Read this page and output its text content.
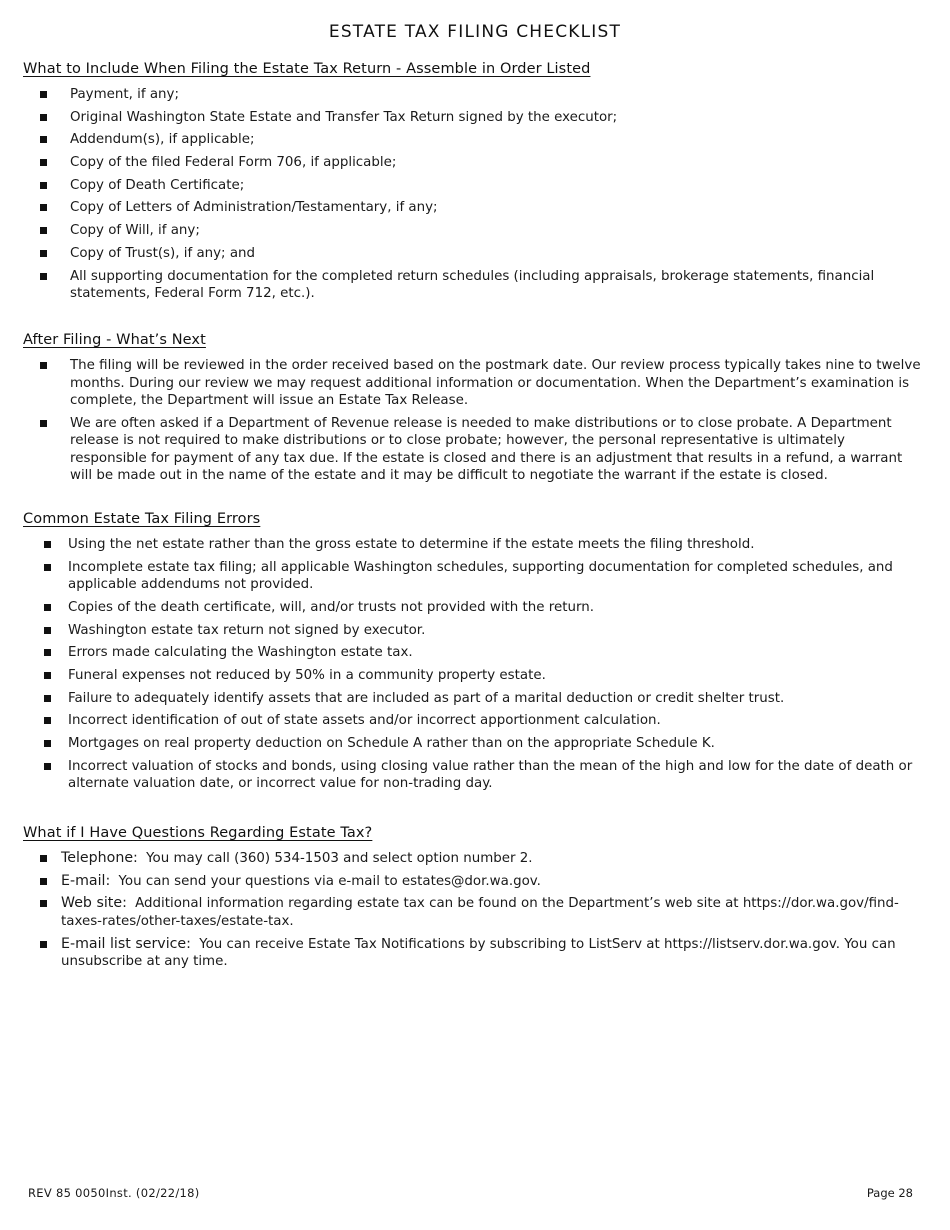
ESTATE TAX FILING CHECKLIST
What to Include When Filing the Estate Tax Return - Assemble in Order Listed
Payment, if any;
Original Washington State Estate and Transfer Tax Return signed by the executor;
Addendum(s), if applicable;
Copy of the filed Federal Form 706, if applicable;
Copy of Death Certificate;
Copy of Letters of Administration/Testamentary, if any;
Copy of Will, if any;
Copy of Trust(s), if any; and
All supporting documentation for the completed return schedules (including appraisals, brokerage statements, financial statements, Federal Form 712, etc.).
After Filing - What’s Next
The filing will be reviewed in the order received based on the postmark date. Our review process typically takes nine to twelve months. During our review we may request additional information or documentation. When the Department’s examination is complete, the Department will issue an Estate Tax Release.
We are often asked if a Department of Revenue release is needed to make distributions or to close probate. A Department release is not required to make distributions or to close probate; however, the personal representative is ultimately responsible for payment of any tax due. If the estate is closed and there is an adjustment that results in a refund, a warrant will be made out in the name of the estate and it may be difficult to negotiate the warrant if the estate is closed.
Common Estate Tax Filing Errors
Using the net estate rather than the gross estate to determine if the estate meets the filing threshold.
Incomplete estate tax filing; all applicable Washington schedules, supporting documentation for completed schedules, and applicable addendums not provided.
Copies of the death certificate, will, and/or trusts not provided with the return.
Washington estate tax return not signed by executor.
Errors made calculating the Washington estate tax.
Funeral expenses not reduced by 50% in a community property estate.
Failure to adequately identify assets that are included as part of a marital deduction or credit shelter trust.
Incorrect identification of out of state assets and/or incorrect apportionment calculation.
Mortgages on real property deduction on Schedule A rather than on the appropriate Schedule K.
Incorrect valuation of stocks and bonds, using closing value rather than the mean of the high and low for the date of death or alternate valuation date, or incorrect value for non-trading day.
What if I Have Questions Regarding Estate Tax?
Telephone: You may call (360) 534-1503 and select option number 2.
E-mail: You can send your questions via e-mail to estates@dor.wa.gov.
Web site: Additional information regarding estate tax can be found on the Department’s web site at https://dor.wa.gov/find-taxes-rates/other-taxes/estate-tax.
E-mail list service: You can receive Estate Tax Notifications by subscribing to ListServ at https://listserv.dor.wa.gov. You can unsubscribe at any time.
REV 85 0050Inst. (02/22/18)	Page 28
